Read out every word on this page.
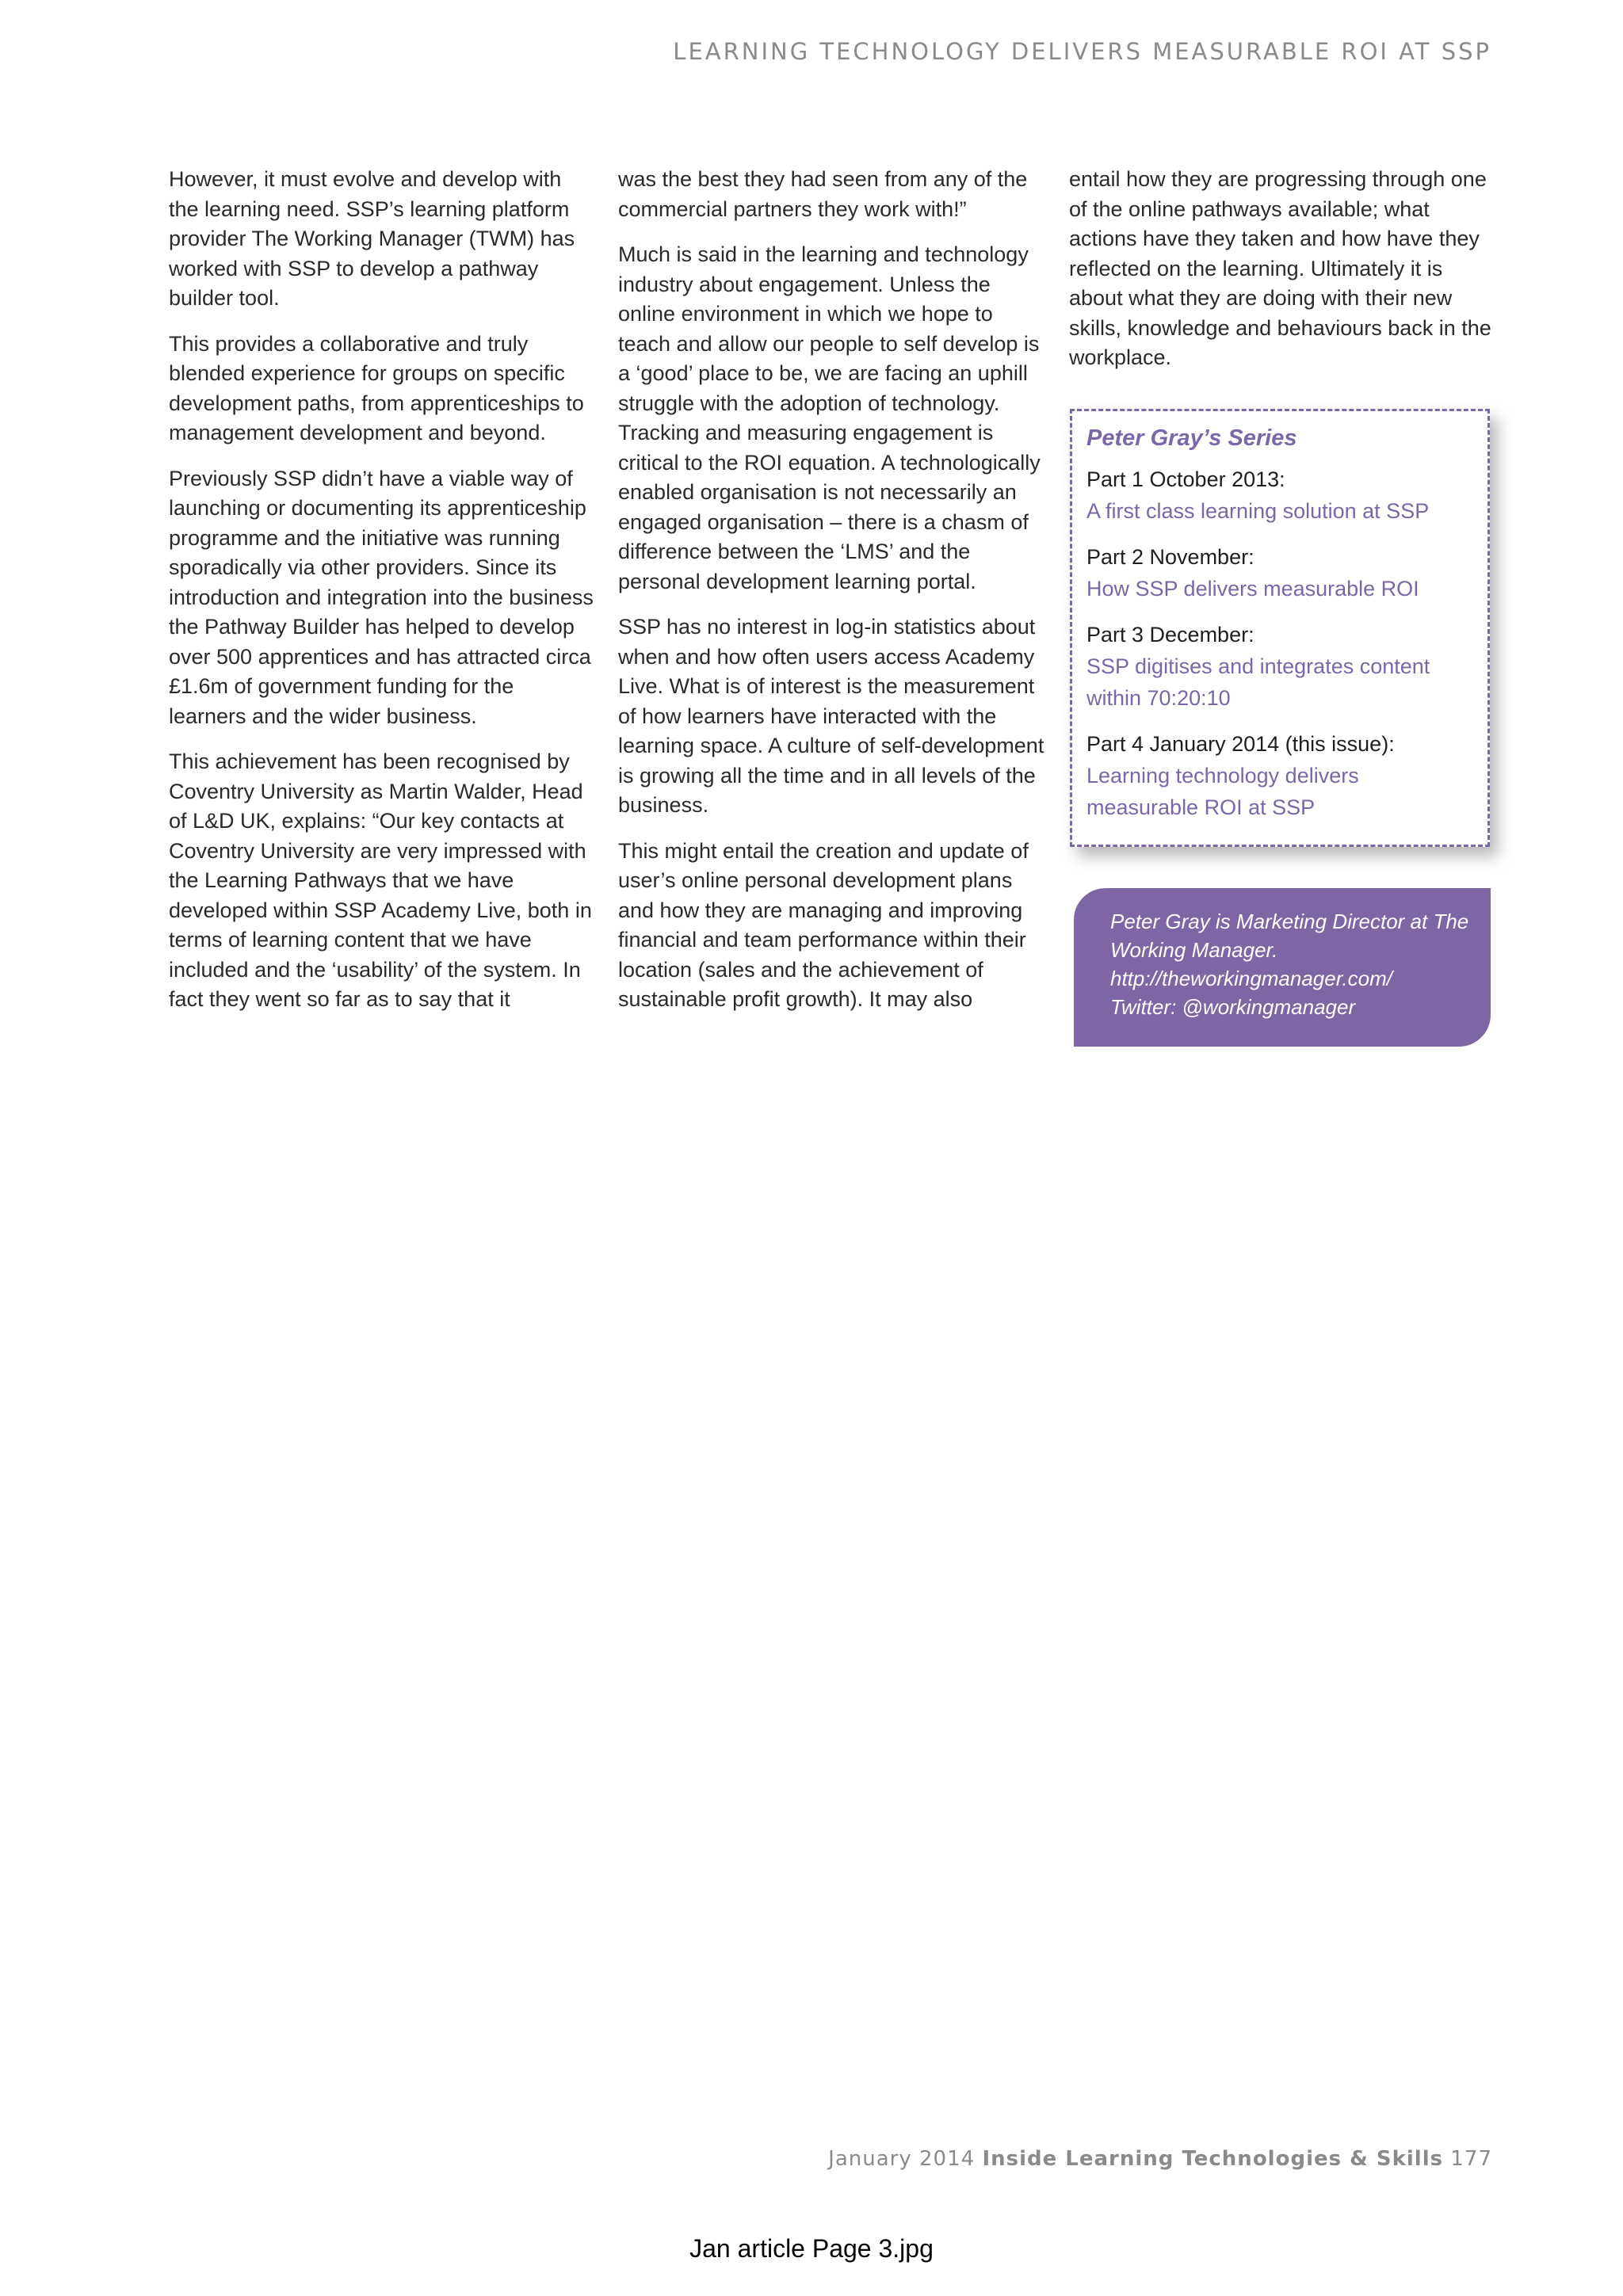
LEARNING TECHNOLOGY DELIVERS MEASURABLE ROI AT SSP

However, it must evolve and develop with the learning need. SSP’s learning platform provider The Working Manager (TWM) has worked with SSP to develop a pathway builder tool.

This provides a collaborative and truly blended experience for groups on specific development paths, from apprenticeships to management development and beyond.

Previously SSP didn’t have a viable way of launching or documenting its apprenticeship programme and the initiative was running sporadically via other providers. Since its introduction and integration into the business the Pathway Builder has helped to develop over 500 apprentices and has attracted circa £1.6m of government funding for the learners and the wider business.

This achievement has been recognised by Coventry University as Martin Walder, Head of L&D UK, explains: “Our key contacts at Coventry University are very impressed with the Learning Pathways that we have developed within SSP Academy Live, both in terms of learning content that we have included and the ‘usability’ of the system. In fact they went so far as to say that it

was the best they had seen from any of the commercial partners they work with!”

Much is said in the learning and technology industry about engagement. Unless the online environment in which we hope to teach and allow our people to self develop is a ‘good’ place to be, we are facing an uphill struggle with the adoption of technology. Tracking and measuring engagement is critical to the ROI equation. A technologically enabled organisation is not necessarily an engaged organisation – there is a chasm of difference between the ‘LMS’ and the personal development learning portal.

SSP has no interest in log-in statistics about when and how often users access Academy Live. What is of interest is the measurement of how learners have interacted with the learning space. A culture of self-development is growing all the time and in all levels of the business.

This might entail the creation and update of user’s online personal development plans and how they are managing and improving financial and team performance within their location (sales and the achievement of sustainable profit growth). It may also

entail how they are progressing through one of the online pathways available; what actions have they taken and how have they reflected on the learning. Ultimately it is about what they are doing with their new skills, knowledge and behaviours back in the workplace.

Peter Gray’s Series
Part 1 October 2013:
A first class learning solution at SSP
Part 2 November:
How SSP delivers measurable ROI
Part 3 December:
SSP digitises and integrates content within 70:20:10
Part 4 January 2014 (this issue):
Learning technology delivers measurable ROI at SSP
Peter Gray is Marketing Director at The
Working Manager.
http://theworkingmanager.com/
Twitter: @workingmanager
January 2014 Inside Learning Technologies & Skills 177
Jan article Page 3.jpg
